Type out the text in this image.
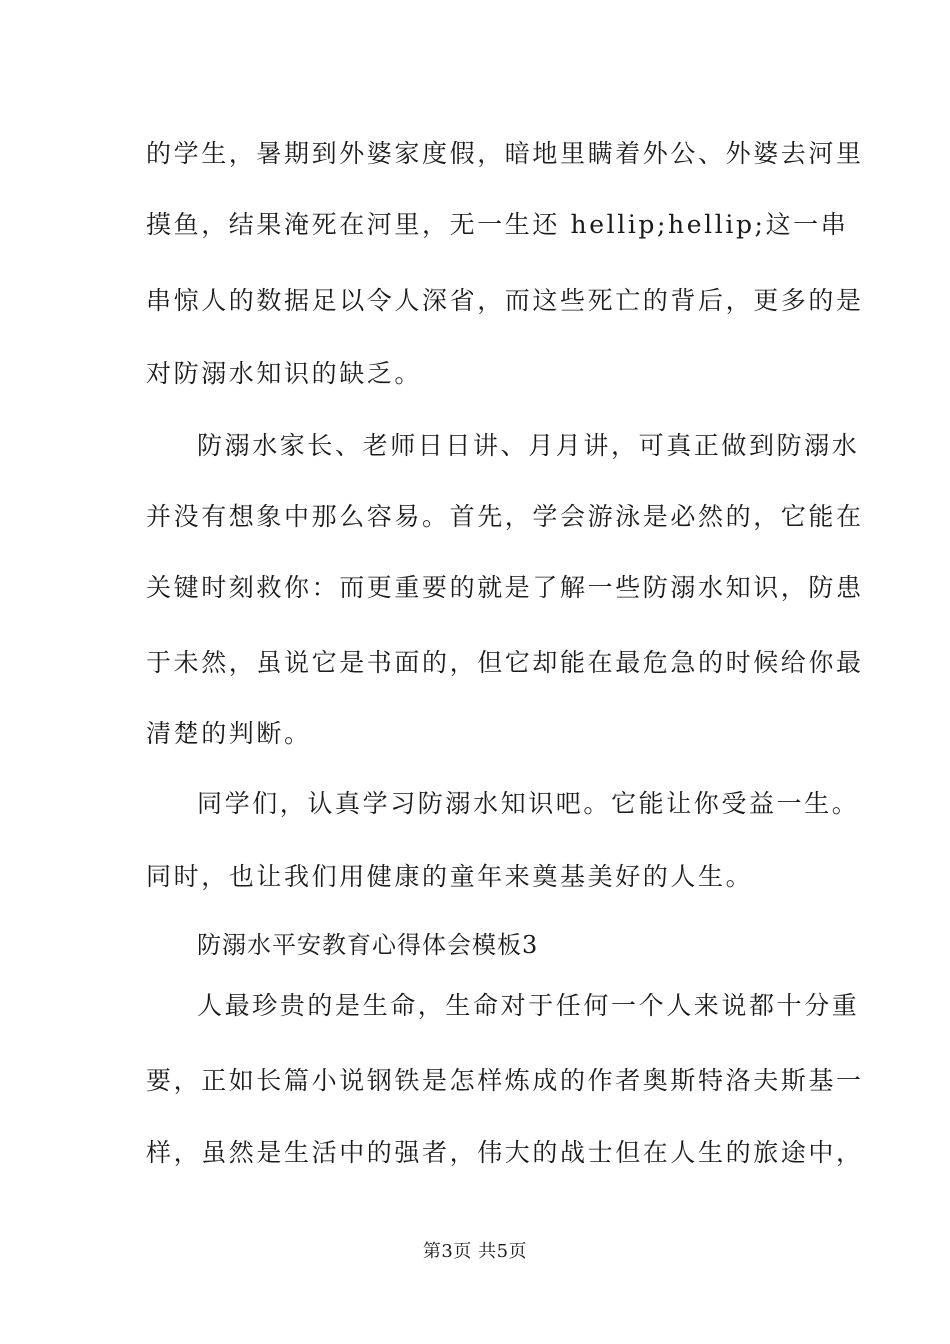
的学生，暑期到外婆家度假，暗地里瞒着外公、外婆去河里
摸鱼，结果淹死在河里，无一生还 hellip;hellip;这一串
串惊人的数据足以令人深省，而这些死亡的背后，更多的是
对防溺水知识的缺乏。
防溺水家长、老师日日讲、月月讲，可真正做到防溺水
并没有想象中那么容易。首先，学会游泳是必然的，它能在
关键时刻救你：而更重要的就是了解一些防溺水知识，防患
于未然，虽说它是书面的，但它却能在最危急的时候给你最
清楚的判断。
同学们，认真学习防溺水知识吧。它能让你受益一生。
同时，也让我们用健康的童年来奠基美好的人生。
防溺水平安教育心得体会模板3
人最珍贵的是生命，生命对于任何一个人来说都十分重
要，正如长篇小说钢铁是怎样炼成的作者奥斯特洛夫斯基一
样，虽然是生活中的强者，伟大的战士但在人生的旅途中，
第3页 共5页
